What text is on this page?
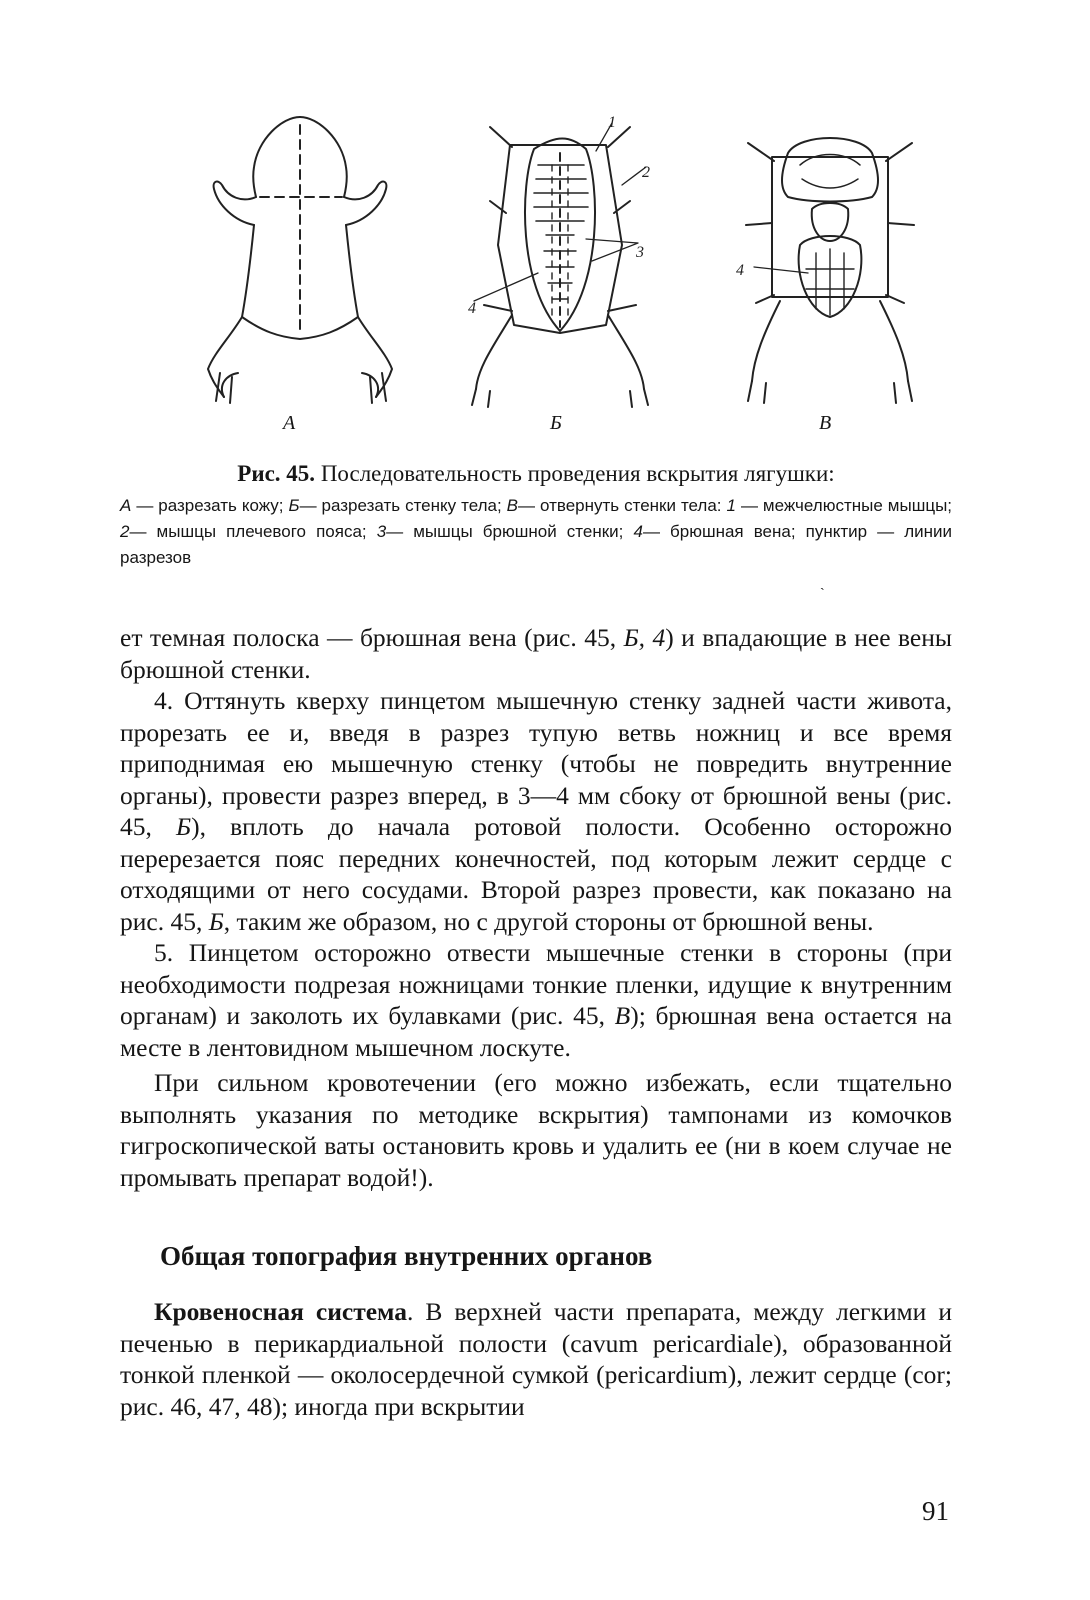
1
2
3
4
4
А	Б	В

Рис. 45. Последовательность проведения вскрытия лягушки:

А — разрезать кожу; Б— разрезать стенку тела; В— отвернуть стенки тела: 1 — межчелюстные мышцы; 2— мышцы плечевого пояса; 3— мышцы брюшной стенки; 4— брюшная вена; пунктир — линии разрезов

ˎ

ет темная полоска — брюшная вена (рис. 45, Б, 4) и впадающие в нее вены брюшной стенки.

4. Оттянуть кверху пинцетом мышечную стенку задней части живота, прорезать ее и, введя в разрез тупую ветвь ножниц и все время приподнимая ею мышечную стенку (чтобы не повредить внутренние органы), провести разрез вперед, в 3—4 мм сбоку от брюшной вены (рис. 45, Б), вплоть до начала ротовой полости. Особенно осторожно перерезается пояс передних конечностей, под которым лежит сердце с отходящими от него сосудами. Второй разрез провести, как показано на рис. 45, Б, таким же образом, но с другой стороны от брюшной вены.

5. Пинцетом осторожно отвести мышечные стенки в стороны (при необходимости подрезая ножницами тонкие пленки, идущие к внутренним органам) и заколоть их булавками (рис. 45, В); брюшная вена остается на месте в лентовидном мышечном лоскуте.

При сильном кровотечении (его можно избежать, если тщательно выполнять указания по методике вскрытия) тампонами из комочков гигроскопической ваты остановить кровь и удалить ее (ни в коем случае не промывать препарат водой!).

Общая топография внутренних органов

Кровеносная система. В верхней части препарата, между легкими и печенью в перикардиальной полости (cavum pericardiale), образованной тонкой пленкой — околосердечной сумкой (pericardium), лежит сердце (cor; рис. 46, 47, 48); иногда при вскрытии

91
